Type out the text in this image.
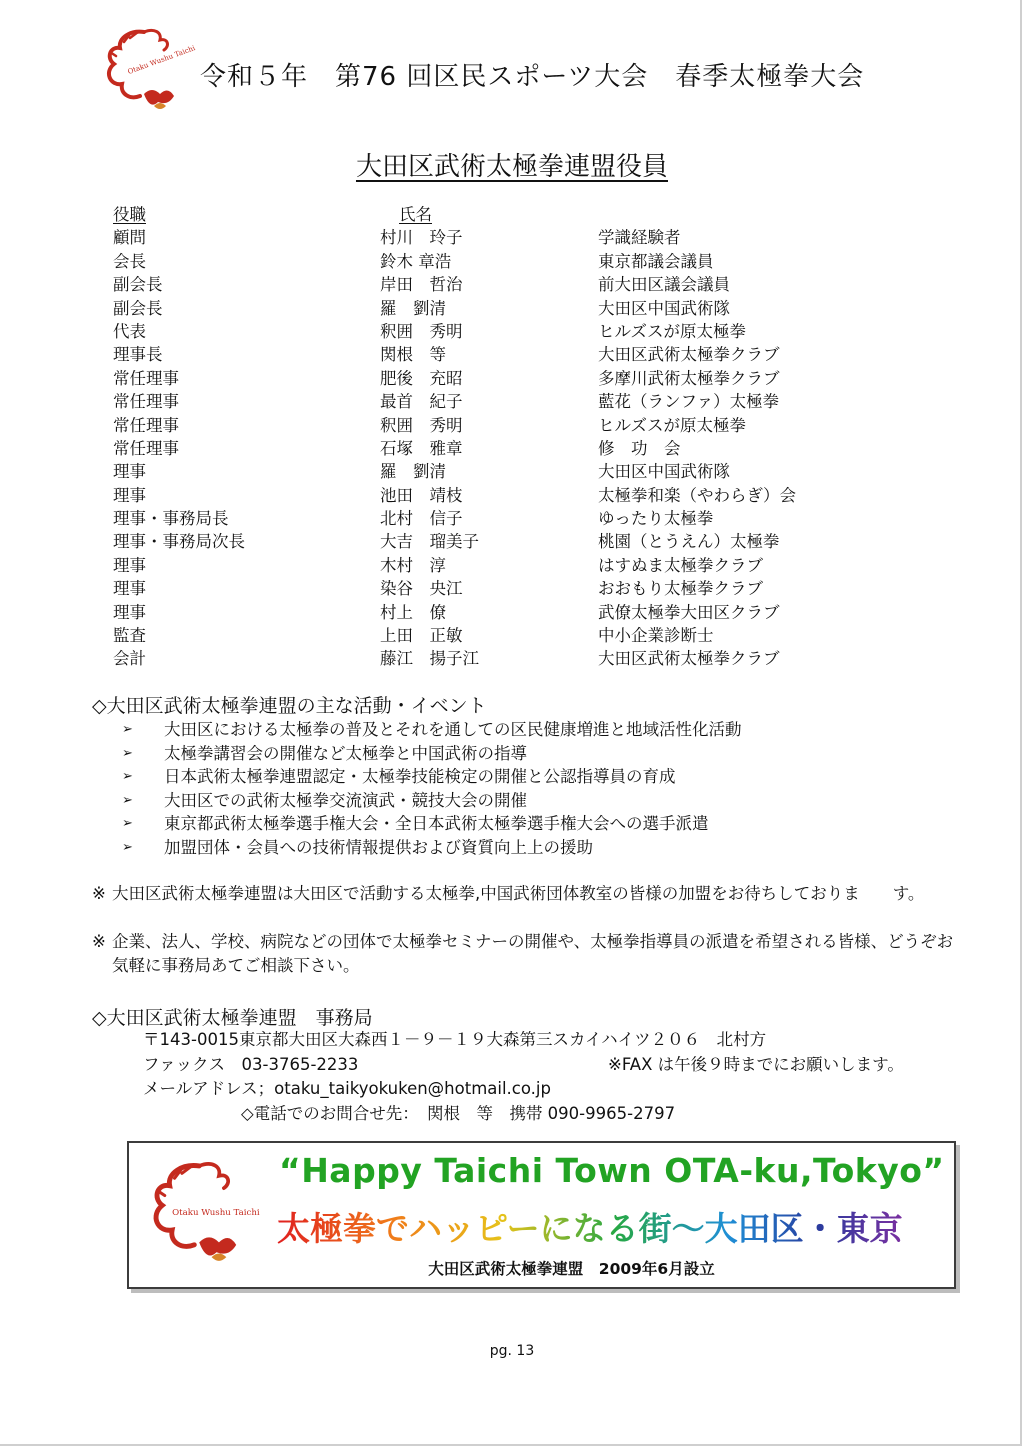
Otaku Wushu Taichi
令和５年　第76 回区民スポーツ大会　春季太極拳大会
大田区武術太極拳連盟役員
役職	氏名
顧問	村川　玲子	学識経験者
会長	鈴木 章浩	東京都議会議員
副会長	岸田　哲治	前大田区議会議員
副会長	羅　劉清	大田区中国武術隊
代表	釈囲　秀明	ヒルズスが原太極拳
理事長	関根　等	大田区武術太極拳クラブ
常任理事	肥後　充昭	多摩川武術太極拳クラブ
常任理事	最首　紀子	藍花（ランファ）太極拳
常任理事	釈囲　秀明	ヒルズスが原太極拳
常任理事	石塚　雅章	修　功　会
理事	羅　劉清	大田区中国武術隊
理事	池田　靖枝	太極拳和楽（やわらぎ）会
理事・事務局長	北村　信子	ゆったり太極拳
理事・事務局次長	大吉　瑠美子	桃園（とうえん）太極拳
理事	木村　淳	はすぬま太極拳クラブ
理事	染谷　央江	おおもり太極拳クラブ
理事	村上　僚	武僚太極拳大田区クラブ
監査	上田　正敏	中小企業診断士
会計	藤江　揚子江	大田区武術太極拳クラブ
◇大田区武術太極拳連盟の主な活動・イベント
➢ 大田区における太極拳の普及とそれを通しての区民健康増進と地域活性化活動
➢ 太極拳講習会の開催など太極拳と中国武術の指導
➢ 日本武術太極拳連盟認定・太極拳技能検定の開催と公認指導員の育成
➢ 大田区での武術太極拳交流演武・競技大会の開催
➢ 東京都武術太極拳選手権大会・全日本武術太極拳選手権大会への選手派遣
➢ 加盟団体・会員への技術情報提供および資質向上上の援助
※ 大田区武術太極拳連盟は大田区で活動する太極拳,中国武術団体教室の皆様の加盟をお待ちしておりま　　す。
※ 企業、法人、学校、病院などの団体で太極拳セミナーの開催や、太極拳指導員の派遣を希望される皆様、どうぞお気軽に事務局あてご相談下さい。
◇大田区武術太極拳連盟　事務局
〒143-0015東京都大田区大森西１－９－１９大森第三スカイハイツ２０６　北村方
ファックス　03‐3765‐2233	※FAX は午後９時までにお願いします。
メールアドレス；otaku_taikyokuken@hotmail.co.jp
◇電話でのお問合せ先：　関根　等　携帯 090-9965-2797
Otaku Wushu Taichi
“Happy Taichi Town OTA-ku,Tokyo”
太極拳でハッピーになる街～大田区・東京
大田区武術太極拳連盟　2009年6月設立
pg. 13
